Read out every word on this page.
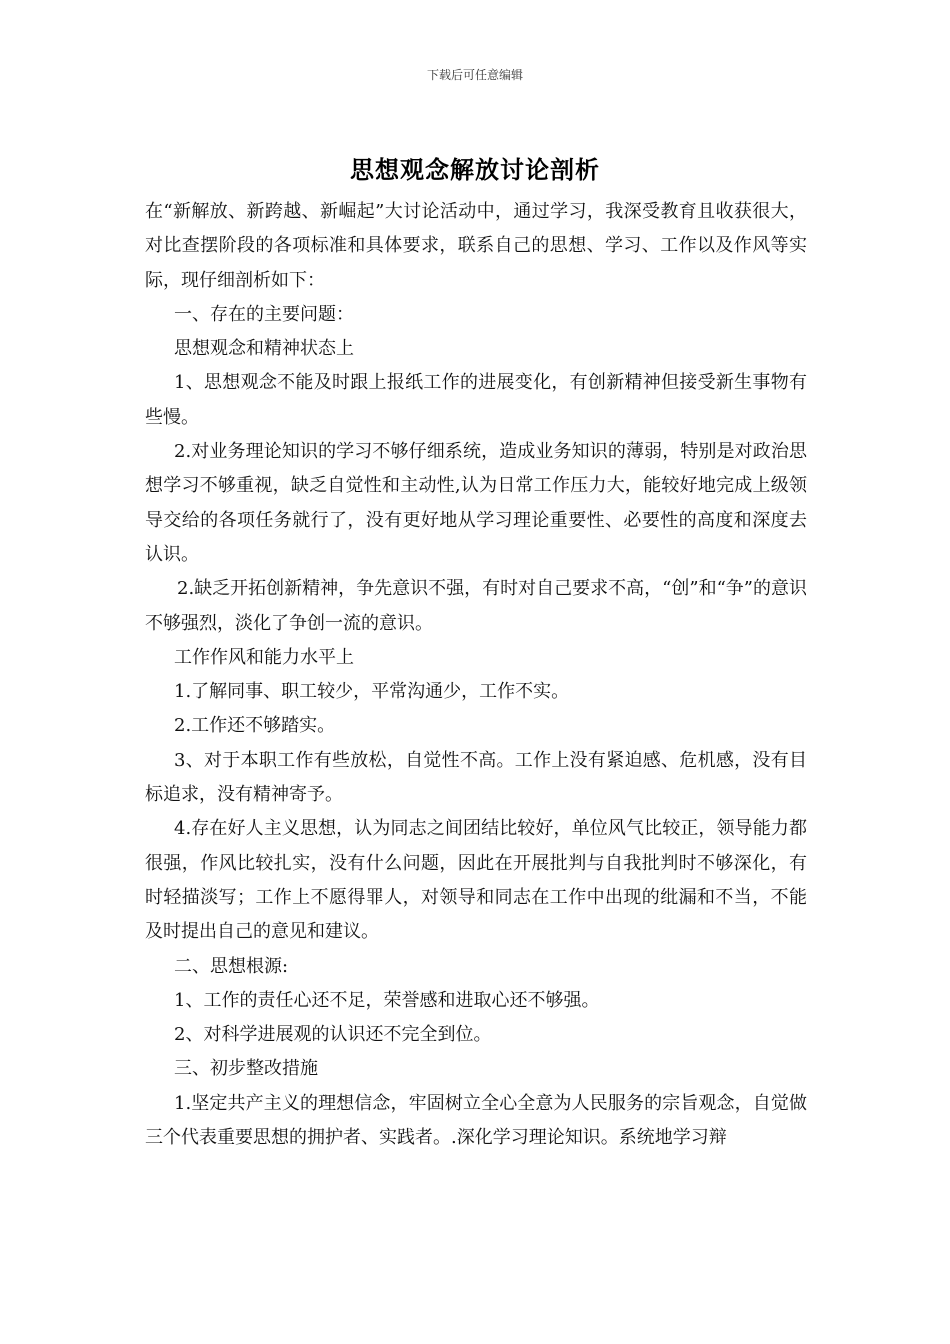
下载后可任意编辑
思想观念解放讨论剖析

在“新解放、新跨越、新崛起”大讨论活动中，通过学习，我深受教育且收获很大，对比查摆阶段的各项标准和具体要求，联系自己的思想、学习、工作以及作风等实际，现仔细剖析如下：

一、存在的主要问题：

思想观念和精神状态上

1、思想观念不能及时跟上报纸工作的进展变化，有创新精神但接受新生事物有些慢。

2.对业务理论知识的学习不够仔细系统，造成业务知识的薄弱，特别是对政治思想学习不够重视，缺乏自觉性和主动性,认为日常工作压力大，能较好地完成上级领导交给的各项任务就行了，没有更好地从学习理论重要性、必要性的高度和深度去认识。

2.缺乏开拓创新精神，争先意识不强，有时对自己要求不高，“创”和“争”的意识不够强烈，淡化了争创一流的意识。

工作作风和能力水平上

1.了解同事、职工较少，平常沟通少，工作不实。

2.工作还不够踏实。

3、对于本职工作有些放松，自觉性不高。工作上没有紧迫感、危机感，没有目标追求，没有精神寄予。

4.存在好人主义思想，认为同志之间团结比较好，单位风气比较正，领导能力都很强，作风比较扎实，没有什么问题，因此在开展批判与自我批判时不够深化，有时轻描淡写；工作上不愿得罪人，对领导和同志在工作中出现的纰漏和不当，不能及时提出自己的意见和建议。

二、思想根源:

1、工作的责任心还不足，荣誉感和进取心还不够强。

2、对科学进展观的认识还不完全到位。

三、初步整改措施

1.坚定共产主义的理想信念，牢固树立全心全意为人民服务的宗旨观念，自觉做三个代表重要思想的拥护者、实践者。.深化学习理论知识。系统地学习辩
